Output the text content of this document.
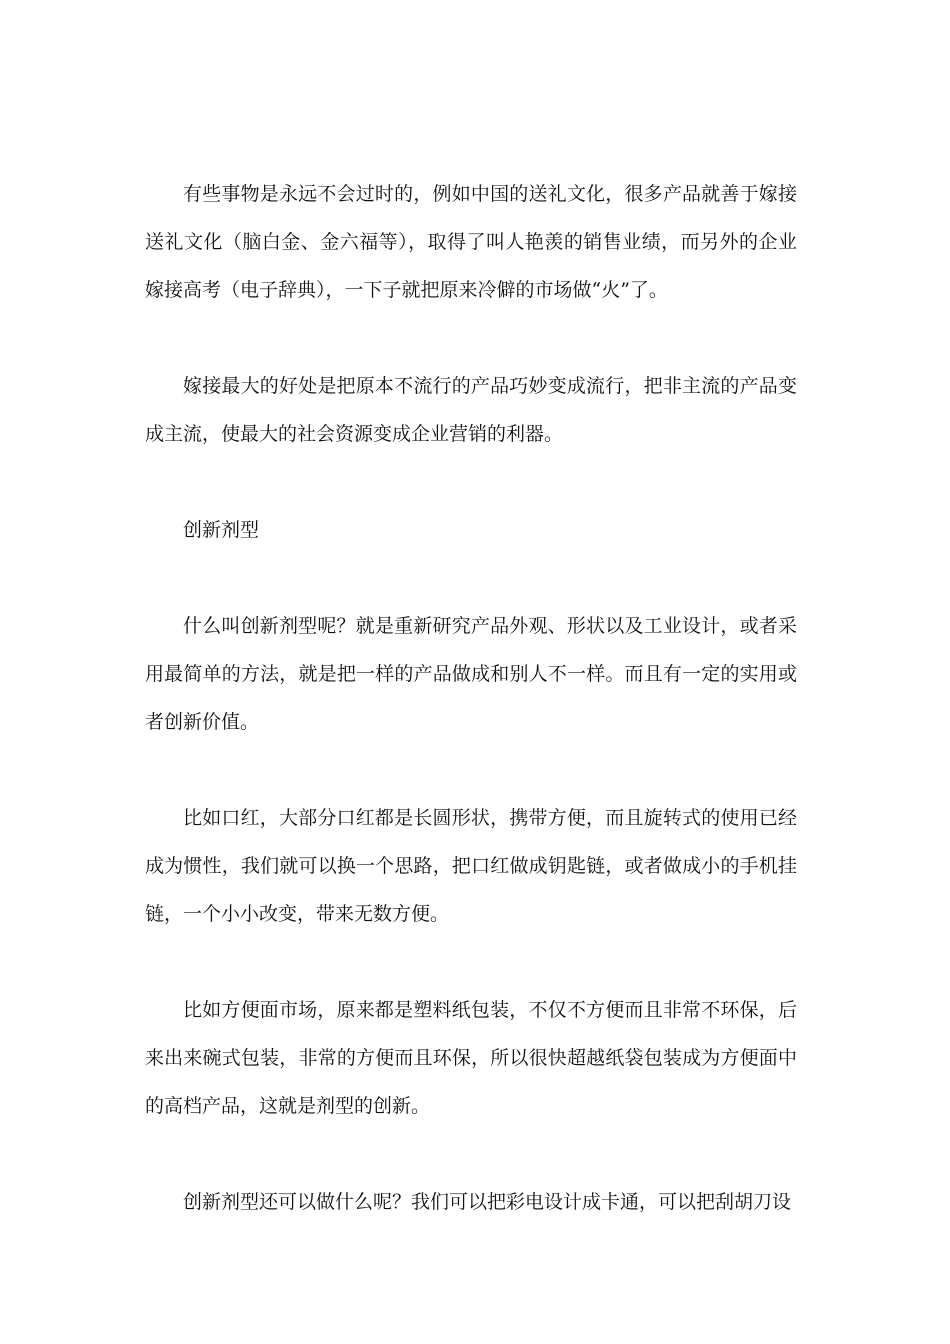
有些事物是永远不会过时的，例如中国的送礼文化，很多产品就善于嫁接送礼文化（脑白金、金六福等），取得了叫人艳羡的销售业绩，而另外的企业嫁接高考（电子辞典），一下子就把原来冷僻的市场做“火”了。

嫁接最大的好处是把原本不流行的产品巧妙变成流行，把非主流的产品变成主流，使最大的社会资源变成企业营销的利器。

创新剂型

什么叫创新剂型呢？就是重新研究产品外观、形状以及工业设计，或者采用最简单的方法，就是把一样的产品做成和别人不一样。而且有一定的实用或者创新价值。

比如口红，大部分口红都是长圆形状，携带方便，而且旋转式的使用已经成为惯性，我们就可以换一个思路，把口红做成钥匙链，或者做成小的手机挂链，一个小小改变，带来无数方便。

比如方便面市场，原来都是塑料纸包装，不仅不方便而且非常不环保，后来出来碗式包装，非常的方便而且环保，所以很快超越纸袋包装成为方便面中的高档产品，这就是剂型的创新。

创新剂型还可以做什么呢？我们可以把彩电设计成卡通，可以把刮胡刀设
